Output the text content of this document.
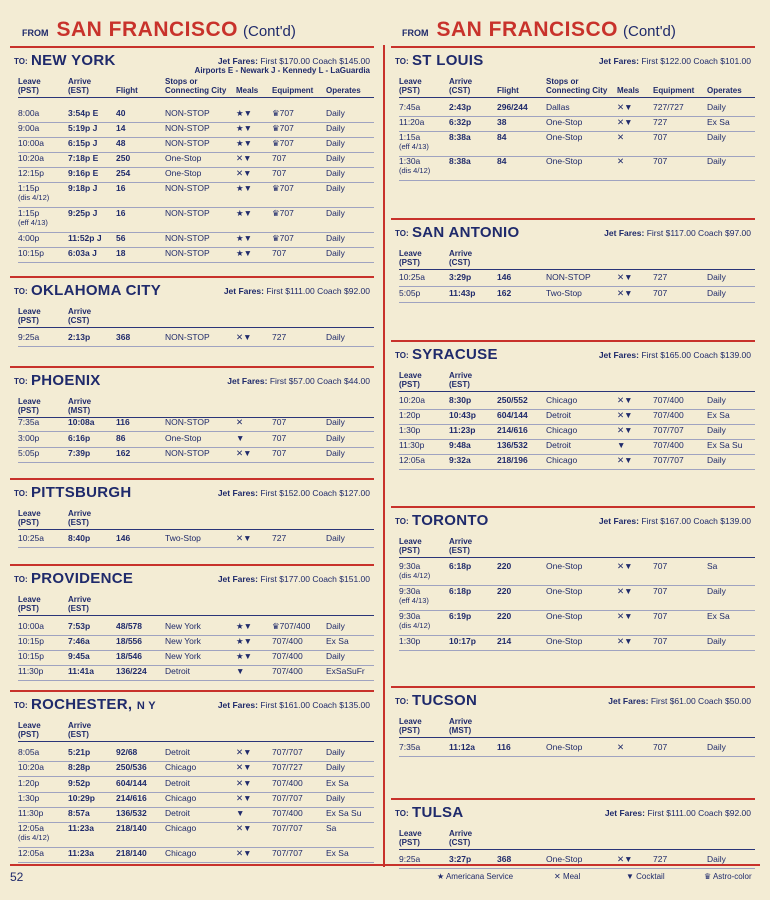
FROM SAN FRANCISCO (Cont'd)	FROM SAN FRANCISCO (Cont'd)
TO: NEW YORK	Jet Fares: First $170.00 Coach $145.00
Airports E - Newark J - Kennedy L - LaGuardia
Leave
(PST)
Arrive
(EST)	Flight
Stops or
Connecting City Meals Equipment Operates
8:00a	3:54p E 40	NON-STOP	★▼ ♛707	Daily
9:00a	5:19p J 14	NON-STOP	★▼ ♛707	Daily
10:00a	6:15p J 48	NON-STOP	★▼ ♛707	Daily
10:20a	7:18p E 250	One-Stop	✕▼ 707	Daily
12:15p	9:16p E 254	One-Stop	✕▼ 707	Daily
1:15p	9:18p J 16	NON-STOP	★▼ ♛707	Daily
(dis 4/12)
1:15p	9:25p J 16	NON-STOP	★▼ ♛707	Daily
(eff 4/13)
4:00p	11:52p J 56	NON-STOP	★▼ ♛707	Daily
10:15p	6:03a J 18	NON-STOP	★▼ 707	Daily
TO: OKLAHOMA CITY	Jet Fares: First $111.00 Coach $92.00
Leave
(PST)
Arrive
(CST)
9:25a	2:13p	368	NON-STOP	✕▼ 727	Daily
TO: PHOENIX	Jet Fares: First $57.00 Coach $44.00
Leave
(PST)
Arrive
(MST)
7:35a	10:08a	116	NON-STOP	✕	707	Daily
3:00p	6:16p	86	One-Stop	▼	707	Daily
5:05p	7:39p	162	NON-STOP	✕▼ 707	Daily
TO: PITTSBURGH	Jet Fares: First $152.00 Coach $127.00
Leave
(PST)
Arrive
(EST)
10:25a	8:40p	146	Two-Stop	✕▼ 727	Daily
TO: PROVIDENCE	Jet Fares: First $177.00 Coach $151.00
Leave
(PST)
Arrive
(EST)
10:00a	7:53p	48/578	New York	★▼ ♛707/400 Daily
10:15p	7:46a	18/556	New York	★▼ 707/400	Ex Sa
10:15p	9:45a	18/546	New York	★▼ 707/400	Daily
11:30p	11:41a	136/224 Detroit	▼	707/400	ExSaSuFr
TO: ROCHESTER, N Y	Jet Fares: First $161.00 Coach $135.00
Leave
(PST)
Arrive
(EST)
8:05a	5:21p	92/68	Detroit	✕▼ 707/707	Daily
10:20a	8:28p	250/536 Chicago	✕▼ 707/727	Daily
1:20p	9:52p	604/144 Detroit	✕▼ 707/400	Ex Sa
1:30p	10:29p 214/616 Chicago	✕▼ 707/707	Daily
11:30p	8:57a	136/532 Detroit	▼	707/400	Ex Sa Su
12:05a	11:23a	218/140 Chicago	✕▼ 707/707	Sa
(dis 4/12)
12:05a	11:23a	218/140 Chicago	✕▼ 707/707	Ex Sa
TO: ST LOUIS	Jet Fares: First $122.00 Coach $101.00
Leave
(PST)
Arrive
(CST)	Flight
Stops or
Connecting City Meals Equipment Operates
7:45a	2:43p	296/244 Dallas	✕▼ 727/727	Daily
11:20a	6:32p	38	One-Stop	✕▼ 727	Ex Sa
1:15a	8:38a	84	One-Stop	✕	707	Daily
(eff 4/13)
1:30a	8:38a	84	One-Stop	✕	707	Daily
(dis 4/12)
TO: SAN ANTONIO	Jet Fares: First $117.00 Coach $97.00
Leave
(PST)
Arrive
(CST)
10:25a	3:29p	146	NON-STOP	✕▼ 727	Daily
5:05p	11:43p	162	Two-Stop	✕▼ 707	Daily
TO: SYRACUSE	Jet Fares: First $165.00 Coach $139.00
Leave
(PST)
Arrive
(EST)
10:20a	8:30p	250/552 Chicago	✕▼ 707/400	Daily
1:20p	10:43p 604/144 Detroit	✕▼ 707/400	Ex Sa
1:30p	11:23p	214/616 Chicago	✕▼ 707/707	Daily
11:30p	9:48a	136/532 Detroit	▼	707/400	Ex Sa Su
12:05a	9:32a	218/196 Chicago	✕▼ 707/707	Daily
TO: TORONTO	Jet Fares: First $167.00 Coach $139.00
Leave
(PST)
Arrive
(EST)
9:30a	6:18p	220	One-Stop	✕▼ 707	Sa
(dis 4/12)
9:30a	6:18p	220	One-Stop	✕▼ 707	Daily
(eff 4/13)
9:30a	6:19p	220	One-Stop	✕▼ 707	Ex Sa
(dis 4/12)
1:30p	10:17p 214	One-Stop	✕▼ 707	Daily
TO: TUCSON	Jet Fares: First $61.00 Coach $50.00
Leave
(PST)
Arrive
(MST)
7:35a	11:12a	116	One-Stop	✕	707	Daily
TO: TULSA	Jet Fares: First $111.00 Coach $92.00
Leave
(PST)
Arrive
(CST)
9:25a	3:27p	368	One-Stop	✕▼ 727	Daily
52	★ Americana Service	✕ Meal	▼ Cocktail	♛ Astro-color
